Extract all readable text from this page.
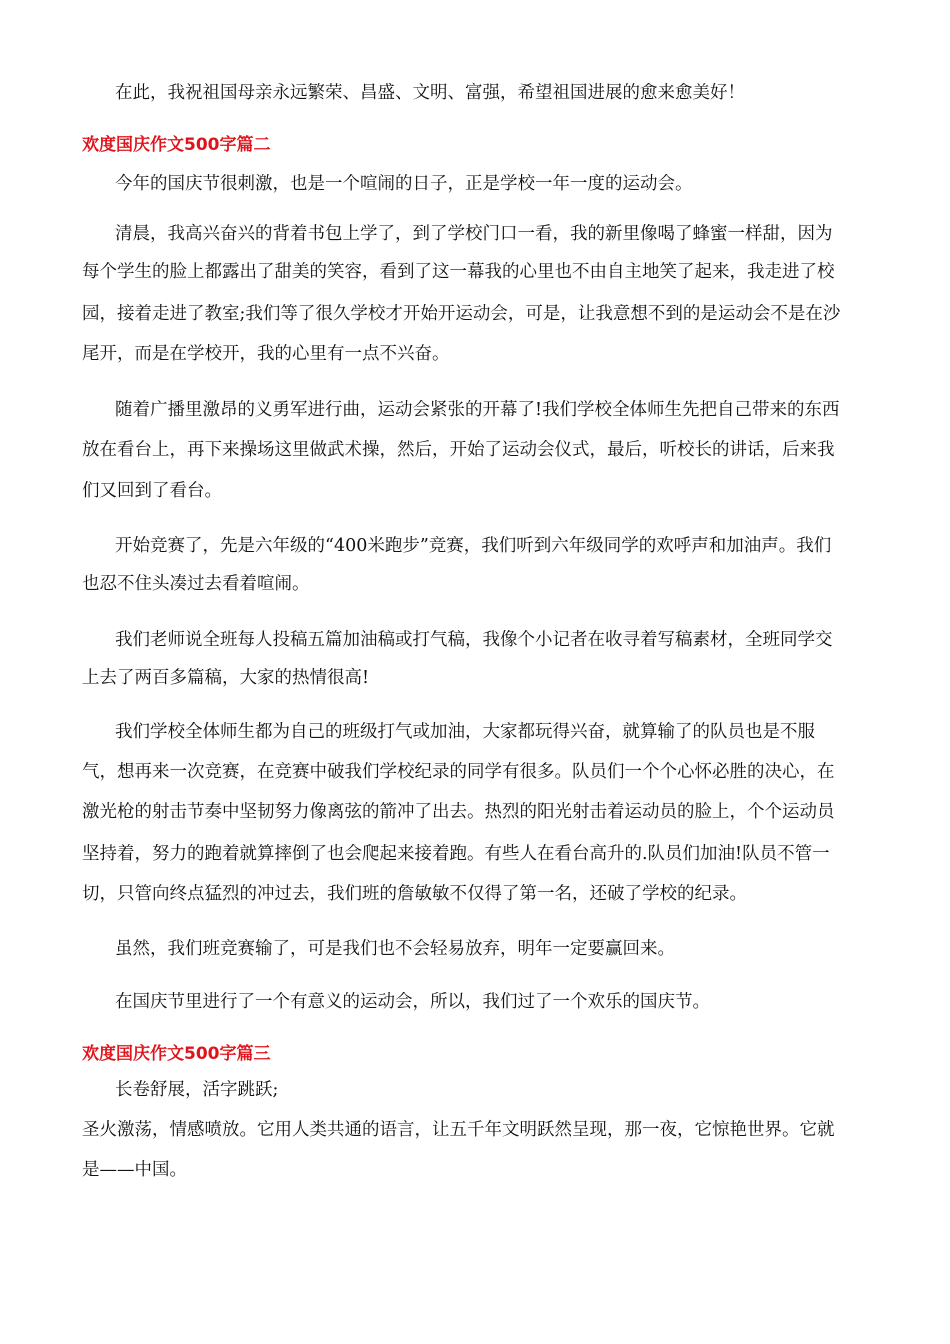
在此，我祝祖国母亲永远繁荣、昌盛、文明、富强，希望祖国进展的愈来愈美好！

欢度国庆作文500字篇二

今年的国庆节很刺激，也是一个喧闹的日子，正是学校一年一度的运动会。

清晨，我高兴奋兴的背着书包上学了，到了学校门口一看，我的新里像喝了蜂蜜一样甜，因为

每个学生的脸上都露出了甜美的笑容，看到了这一幕我的心里也不由自主地笑了起来，我走进了校

园，接着走进了教室;我们等了很久学校才开始开运动会，可是，让我意想不到的是运动会不是在沙

尾开，而是在学校开，我的心里有一点不兴奋。

随着广播里激昂的义勇军进行曲，运动会紧张的开幕了!我们学校全体师生先把自己带来的东西

放在看台上，再下来操场这里做武术操，然后，开始了运动会仪式，最后，听校长的讲话，后来我

们又回到了看台。

开始竞赛了，先是六年级的“400米跑步”竞赛，我们听到六年级同学的欢呼声和加油声。我们

也忍不住头凑过去看着喧闹。

我们老师说全班每人投稿五篇加油稿或打气稿，我像个小记者在收寻着写稿素材，全班同学交

上去了两百多篇稿，大家的热情很高!

我们学校全体师生都为自己的班级打气或加油，大家都玩得兴奋，就算输了的队员也是不服

气，想再来一次竞赛，在竞赛中破我们学校纪录的同学有很多。队员们一个个心怀必胜的决心，在

激光枪的射击节奏中坚韧努力像离弦的箭冲了出去。热烈的阳光射击着运动员的脸上，个个运动员

坚持着，努力的跑着就算摔倒了也会爬起来接着跑。有些人在看台高升的.队员们加油!队员不管一

切，只管向终点猛烈的冲过去，我们班的詹敏敏不仅得了第一名，还破了学校的纪录。

虽然，我们班竞赛输了，可是我们也不会轻易放弃，明年一定要赢回来。

在国庆节里进行了一个有意义的运动会，所以，我们过了一个欢乐的国庆节。

欢度国庆作文500字篇三

长卷舒展，活字跳跃;

圣火激荡，情感喷放。它用人类共通的语言，让五千年文明跃然呈现，那一夜，它惊艳世界。它就

是——中国。
